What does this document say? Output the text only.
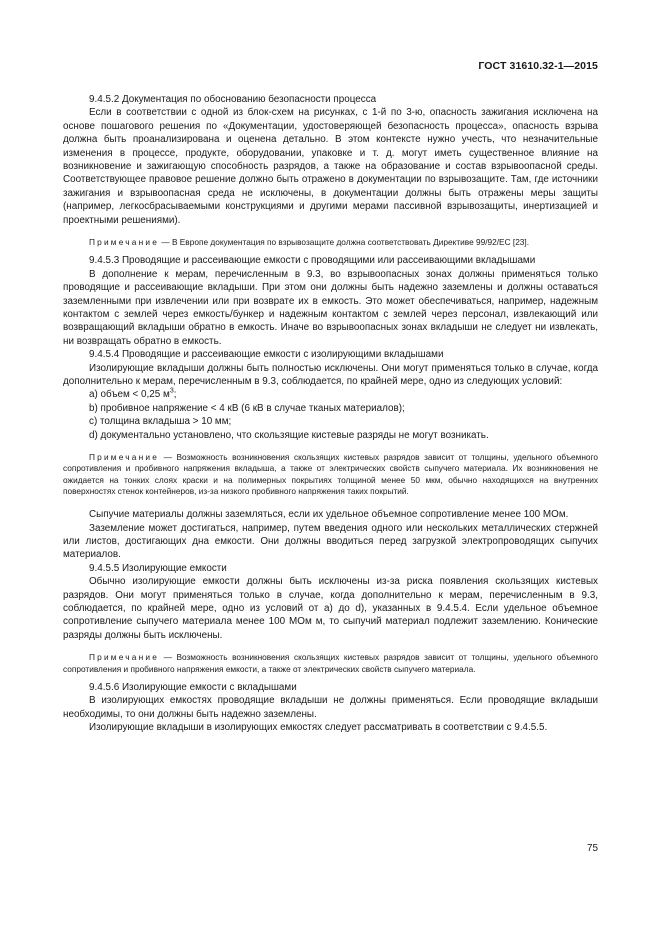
ГОСТ 31610.32-1—2015

9.4.5.2 Документация по обоснованию безопасности процесса

Если в соответствии с одной из блок-схем на рисунках, с 1-й по 3-ю, опасность зажигания исключена на основе пошагового решения по «Документации, удостоверяющей безопасность процесса», опасность взрыва должна быть проанализирована и оценена детально. В этом контексте нужно учесть, что незначительные изменения в процессе, продукте, оборудовании, упаковке и т. д. могут иметь существенное влияние на возникновение и зажигающую способность разрядов, а также на образование и состав взрывоопасной среды. Соответствующее правовое решение должно быть отражено в документации по взрывозащите. Там, где источники зажигания и взрывоопасная среда не исключены, в документации должны быть отражены меры защиты (например, легкосбрасываемыми конструкциями и другими мерами пассивной взрывозащиты, инертизацией и проектными решениями).

Примечание — В Европе документация по взрывозащите должна соответствовать Директиве 99/92/ЕС [23].

9.4.5.3 Проводящие и рассеивающие емкости с проводящими или рассеивающими вкладышами

В дополнение к мерам, перечисленным в 9.3, во взрывоопасных зонах должны применяться только проводящие и рассеивающие вкладыши. При этом они должны быть надежно заземлены и должны оставаться заземленными при извлечении или при возврате их в емкость. Это может обеспечиваться, например, надежным контактом с землей через емкость/бункер и надежным контактом с землей через персонал, извлекающий или возвращающий вкладыши обратно в емкость. Иначе во взрывоопасных зонах вкладыши не следует ни извлекать, ни возвращать обратно в емкость.

9.4.5.4 Проводящие и рассеивающие емкости с изолирующими вкладышами

Изолирующие вкладыши должны быть полностью исключены. Они могут применяться только в случае, когда дополнительно к мерам, перечисленным в 9.3, соблюдается, по крайней мере, одно из следующих условий:

a) объем < 0,25 $м^3$;

b) пробивное напряжение < 4 кВ (6 кВ в случае тканых материалов);

c) толщина вкладыша > 10 мм;

d) документально установлено, что скользящие кистевые разряды не могут возникать.

Примечание — Возможность возникновения скользящих кистевых разрядов зависит от толщины, удельного объемного сопротивления и пробивного напряжения вкладыша, а также от электрических свойств сыпучего материала. Их возникновения не ожидается на тонких слоях краски и на полимерных покрытиях толщиной менее 50 мкм, обычно находящихся на внутренних поверхностях стенок контейнеров, из-за низкого пробивного напряжения таких покрытий.

Сыпучие материалы должны заземляться, если их удельное объемное сопротивление менее 100 МОм.

Заземление может достигаться, например, путем введения одного или нескольких металлических стержней или листов, достигающих дна емкости. Они должны вводиться перед загрузкой электропроводящих сыпучих материалов.

9.4.5.5 Изолирующие емкости

Обычно изолирующие емкости должны быть исключены из-за риска появления скользящих кистевых разрядов. Они могут применяться только в случае, когда дополнительно к мерам, перечисленным в 9.3, соблюдается, по крайней мере, одно из условий от a) до d), указанных в 9.4.5.4. Если удельное объемное сопротивление сыпучего материала менее 100 МОм м, то сыпучий материал подлежит заземлению. Конические разряды должны быть исключены.

Примечание — Возможность возникновения скользящих кистевых разрядов зависит от толщины, удельного объемного сопротивления и пробивного напряжения емкости, а также от электрических свойств сыпучего материала.

9.4.5.6 Изолирующие емкости с вкладышами

В изолирующих емкостях проводящие вкладыши не должны применяться. Если проводящие вкладыши необходимы, то они должны быть надежно заземлены.

Изолирующие вкладыши в изолирующих емкостях следует рассматривать в соответствии с 9.4.5.5.

75
